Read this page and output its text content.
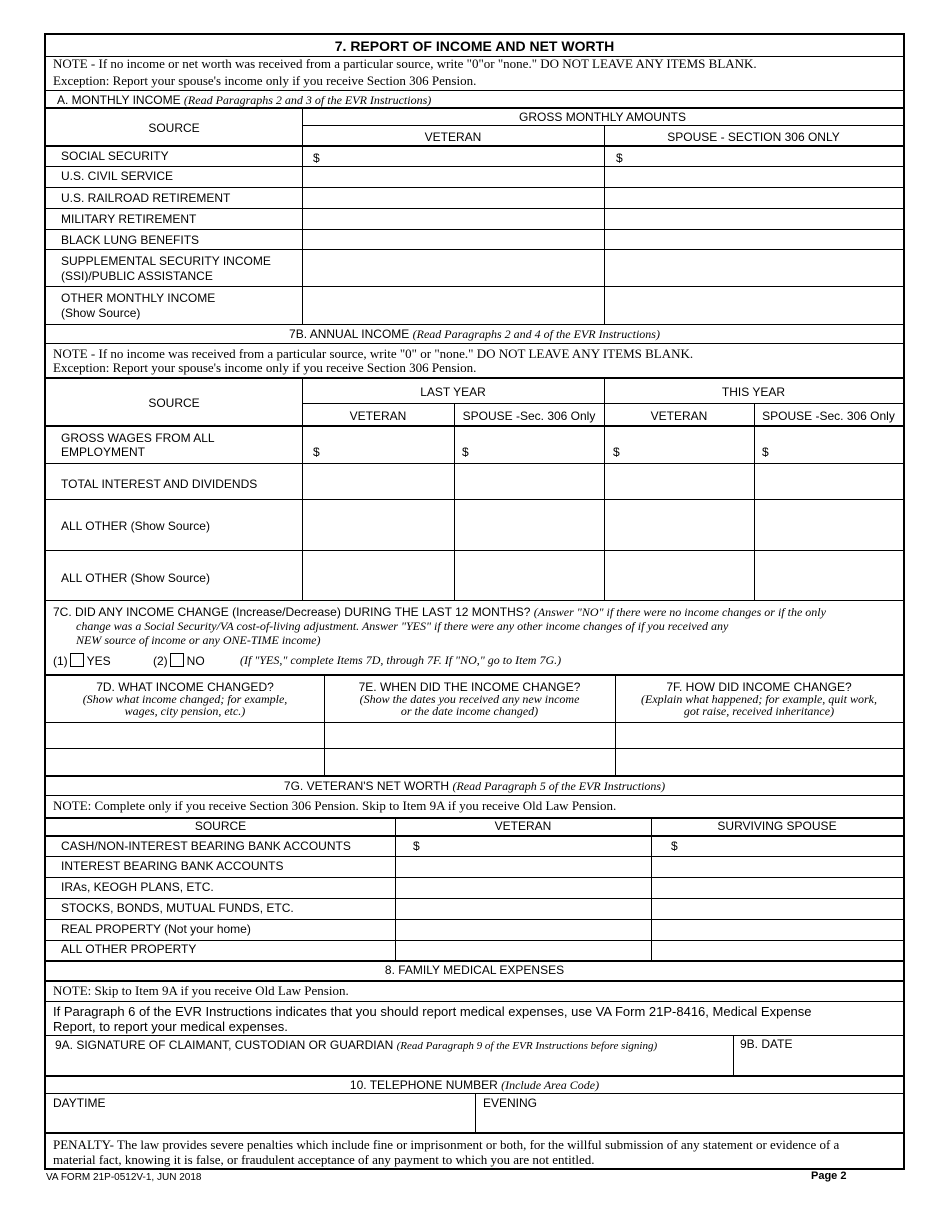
7. REPORT OF INCOME AND NET WORTH
NOTE - If no income or net worth was received from a particular source, write "0"or "none." DO NOT LEAVE ANY ITEMS BLANK.
Exception: Report your spouse's income only if you receive Section 306 Pension.
A. MONTHLY INCOME (Read Paragraphs 2 and 3 of the EVR Instructions)
SOURCE
GROSS MONTHLY AMOUNTS
VETERAN	SPOUSE - SECTION 306 ONLY
SOCIAL SECURITY	$	$
U.S. CIVIL SERVICE
U.S. RAILROAD RETIREMENT
MILITARY RETIREMENT
BLACK LUNG BENEFITS
SUPPLEMENTAL SECURITY INCOME
(SSI)/PUBLIC ASSISTANCE
OTHER MONTHLY INCOME
(Show Source)
7B. ANNUAL INCOME (Read Paragraphs 2 and 4 of the EVR Instructions)
NOTE - If no income was received from a particular source, write "0" or "none." DO NOT LEAVE ANY ITEMS BLANK.
Exception: Report your spouse's income only if you receive Section 306 Pension.
SOURCE
LAST YEAR	THIS YEAR
VETERAN	SPOUSE -Sec. 306 Only	VETERAN	SPOUSE -Sec. 306 Only
GROSS WAGES FROM ALL
EMPLOYMENT	$	$	$	$
TOTAL INTEREST AND DIVIDENDS
ALL OTHER (Show Source)
ALL OTHER (Show Source)
7C. DID ANY INCOME CHANGE (Increase/Decrease) DURING THE LAST 12 MONTHS? (Answer "NO" if there were no income changes or if the only
change was a Social Security/VA cost-of-living adjustment. Answer "YES" if there were any other income changes of if you received any
NEW source of income or any ONE-TIME income)
(1) YES	(2) NO	(If "YES," complete Items 7D, through 7F. If "NO," go to Item 7G.)
7D. WHAT INCOME CHANGED?
(Show what income changed; for example,
wages, city pension, etc.)
7E. WHEN DID THE INCOME CHANGE?
(Show the dates you received any new income
or the date income changed)
7F. HOW DID INCOME CHANGE?
(Explain what happened; for example, quit work,
got raise, received inheritance)
7G. VETERAN'S NET WORTH (Read Paragraph 5 of the EVR Instructions)
NOTE: Complete only if you receive Section 306 Pension. Skip to Item 9A if you receive Old Law Pension.
SOURCE	VETERAN	SURVIVING SPOUSE
CASH/NON-INTEREST BEARING BANK ACCOUNTS	$	$
INTEREST BEARING BANK ACCOUNTS
IRAs, KEOGH PLANS, ETC.
STOCKS, BONDS, MUTUAL FUNDS, ETC.
REAL PROPERTY (Not your home)
ALL OTHER PROPERTY
8. FAMILY MEDICAL EXPENSES
NOTE: Skip to Item 9A if you receive Old Law Pension.
If Paragraph 6 of the EVR Instructions indicates that you should report medical expenses, use VA Form 21P-8416, Medical Expense
Report, to report your medical expenses.
9A. SIGNATURE OF CLAIMANT, CUSTODIAN OR GUARDIAN (Read Paragraph 9 of the EVR Instructions before signing)	9B. DATE
10. TELEPHONE NUMBER (Include Area Code)
DAYTIME	EVENING
PENALTY- The law provides severe penalties which include fine or imprisonment or both, for the willful submission of any statement or evidence of a
material fact, knowing it is false, or fraudulent acceptance of any payment to which you are not entitled.
VA FORM 21P-0512V-1, JUN 2018	Page 2
